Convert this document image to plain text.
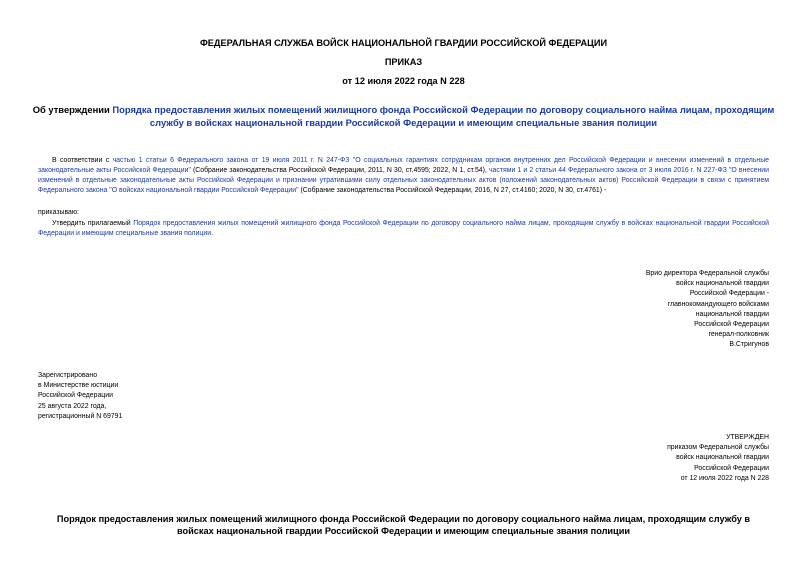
ФЕДЕРАЛЬНАЯ СЛУЖБА ВОЙСК НАЦИОНАЛЬНОЙ ГВАРДИИ РОССИЙСКОЙ ФЕДЕРАЦИИ
ПРИКАЗ
от 12 июля 2022 года N 228
Об утверждении Порядка предоставления жилых помещений жилищного фонда Российской Федерации по договору социального найма лицам, проходящим службу в войсках национальной гвардии Российской Федерации и имеющим специальные звания полиции
В соответствии с частью 1 статьи 6 Федерального закона от 19 июля 2011 г. N 247-ФЗ "О социальных гарантиях сотрудникам органов внутренних дел Российской Федерации и внесении изменений в отдельные законодательные акты Российской Федерации" (Собрание законодательства Российской Федерации, 2011, N 30, ст.4595; 2022, N 1, ст.54), частями 1 и 2 статьи 44 Федерального закона от 3 июля 2016 г. N 227-ФЗ "О внесении изменений в отдельные законодательные акты Российской Федерации и признании утратившими силу отдельных законодательных актов (положений законодательных актов) Российской Федерации в связи с принятием Федерального закона "О войсках национальной гвардии Российской Федерации" (Собрание законодательства Российской Федерации, 2016, N 27, ст.4160; 2020, N 30, ст.4761) -
приказываю:
Утвердить прилагаемый Порядок предоставления жилых помещений жилищного фонда Российской Федерации по договору социального найма лицам, проходящим службу в войсках национальной гвардии Российской Федерации и имеющим специальные звания полиции.
Врио директора Федеральной службы
войск национальной гвардии
Российской Федерации -
главнокомандующего войсками
национальной гвардии
Российской Федерации
генерал-полковник
В.Стригунов
Зарегистрировано
в Министерстве юстиции
Российской Федерации
25 августа 2022 года,
регистрационный N 69791
УТВЕРЖДЕН
приказом Федеральной службы
войск национальной гвардии
Российской Федерации
от 12 июля 2022 года N 228
Порядок предоставления жилых помещений жилищного фонда Российской Федерации по договору социального найма лицам, проходящим службу в войсках национальной гвардии Российской Федерации и имеющим специальные звания полиции
